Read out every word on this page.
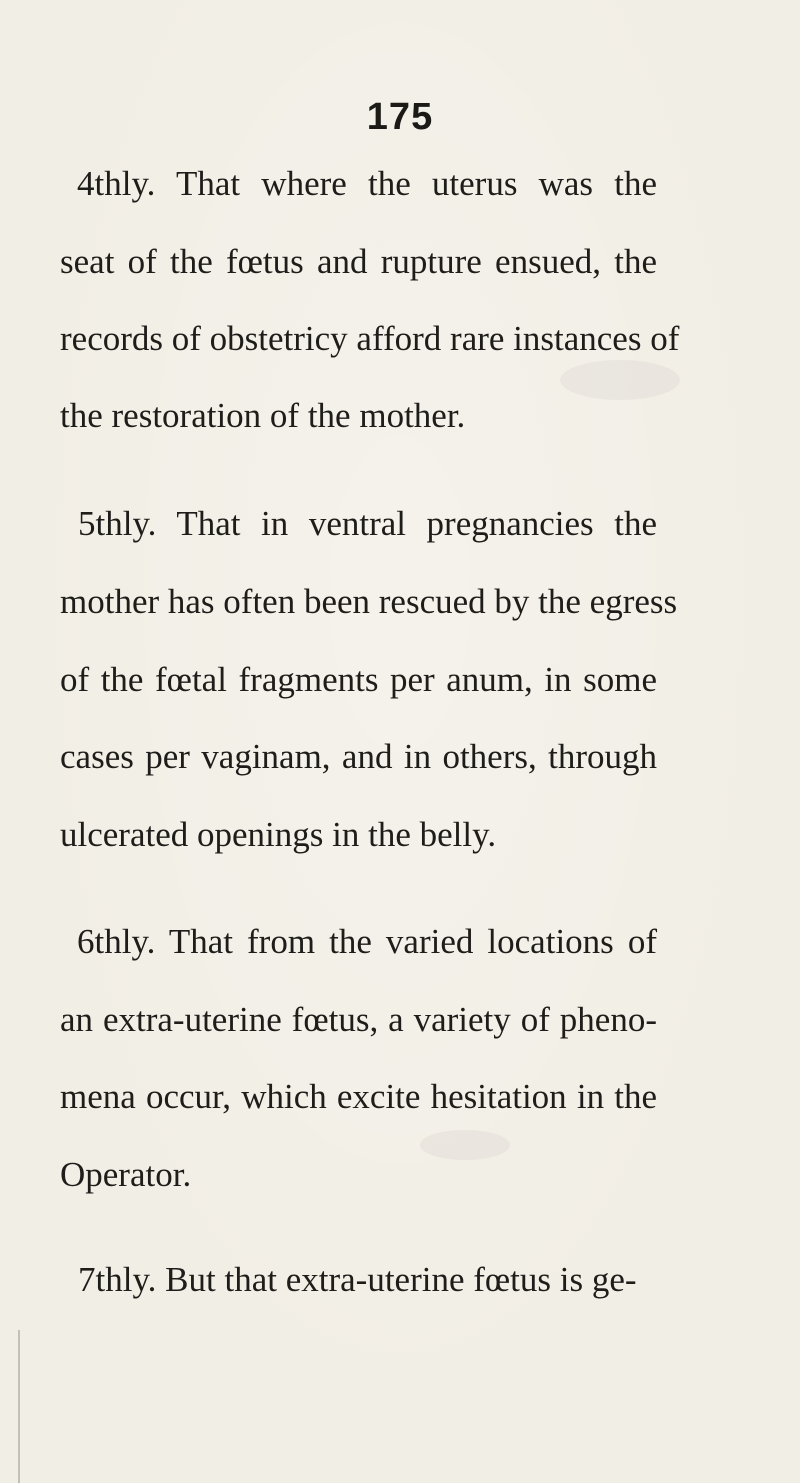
175
4thly. That where the uterus was the
seat of the fœtus and rupture ensued, the
records of obstetricy afford rare instances of
the restoration of the mother.
5thly. That in ventral pregnancies the
mother has often been rescued by the egress
of the fœtal fragments per anum, in some
cases per vaginam, and in others, through
ulcerated openings in the belly.
6thly. That from the varied locations of
an extra-uterine fœtus, a variety of pheno-
mena occur, which excite hesitation in the
Operator.
7thly. But that extra-uterine fœtus is ge-
